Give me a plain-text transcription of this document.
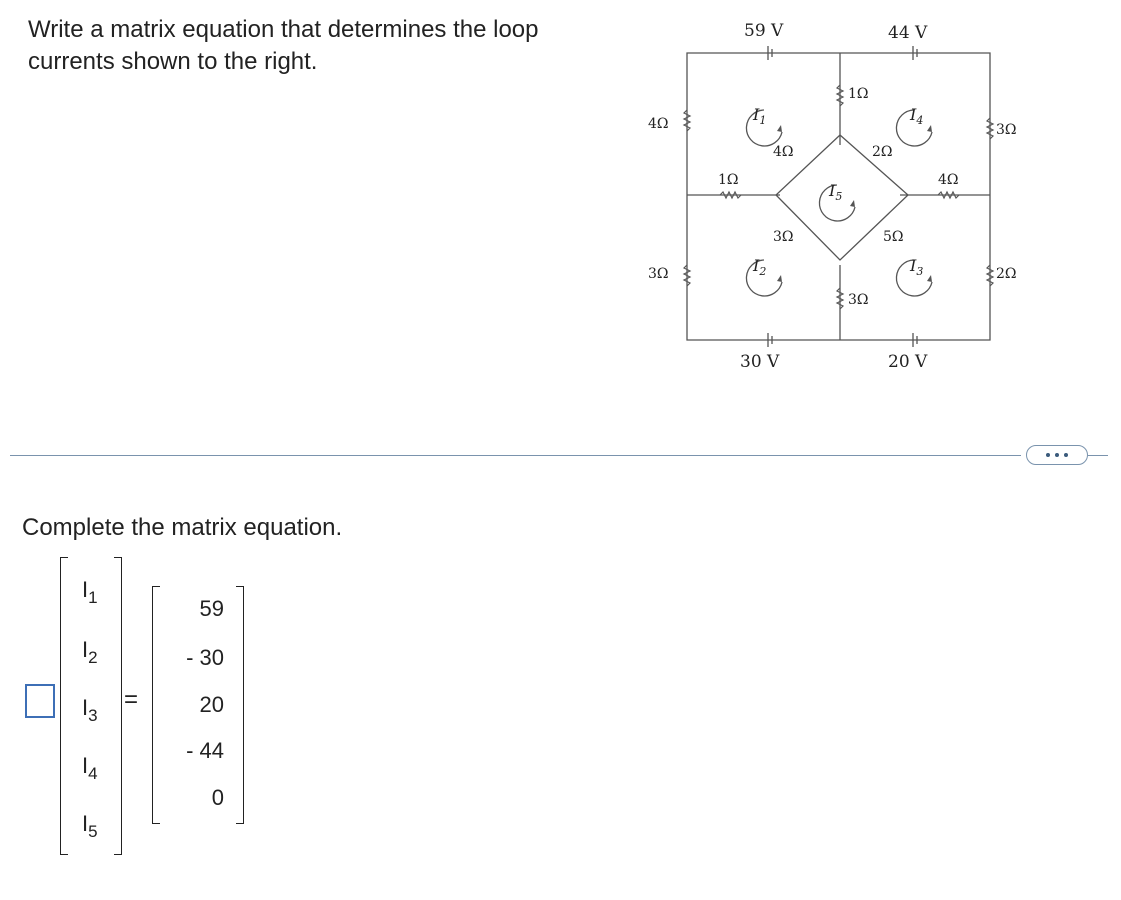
Write a matrix equation that determines the loop currents shown to the right.
59 V	44 V
30 V	20 V
4Ω
3Ω
3Ω
2Ω
1Ω
3Ω
1Ω	4Ω
4Ω	2Ω
3Ω	5Ω
$I_1$
$I_2$	$I_3$
$I_4$
$I_5$
Complete the matrix equation.
$I_1$
$I_2$
$I_3$
$I_4$
$I_5$
=
59
- 30
20
- 44
0
